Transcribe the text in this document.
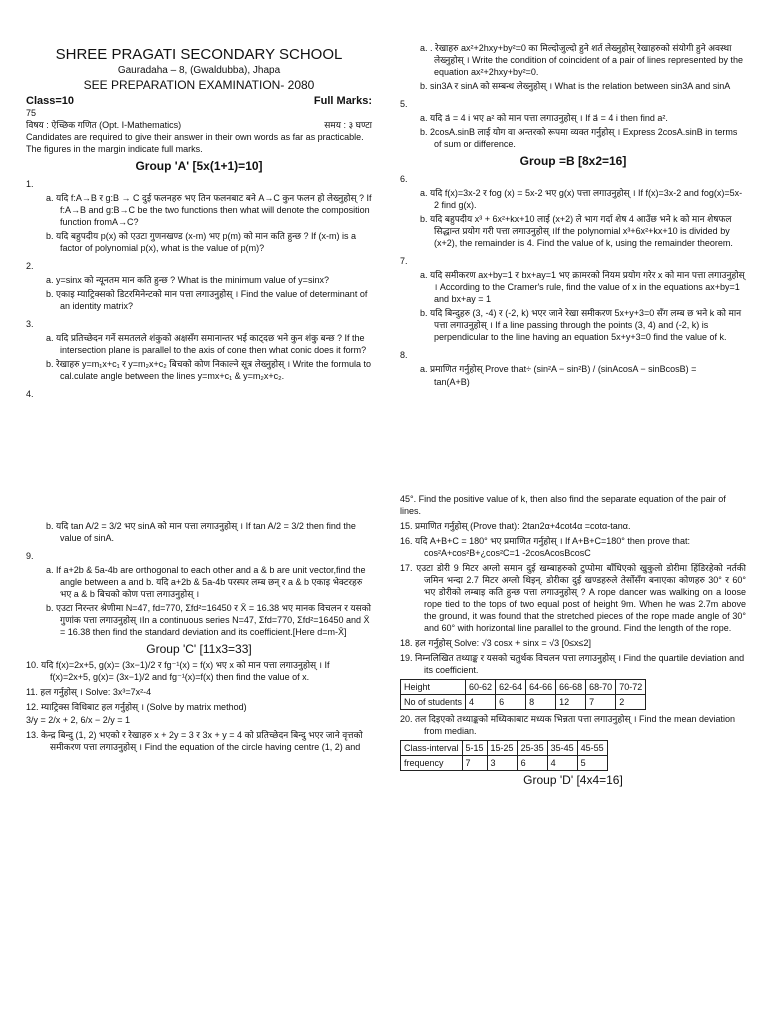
SHREE PRAGATI SECONDARY SCHOOL
Gauradaha – 8, (Gwaldubba), Jhapa
SEE PREPARATION EXAMINATION- 2080
Class=10	Full Marks:
75
विषय : ऐच्छिक गणित (Opt. I-Mathematics)	समय : ३ घण्टा
Candidates are required to give their answer in their own words as far as practicable. The figures in the margin indicate full marks.
Group 'A' [5x(1+1)=10]
1.
a. यदि f:A→B र g:B → C दुई फलनहरु भए तिन फलनबाट बने A→C कुन फलन हो लेख्नुहोस् ? If f:A→B and g:B→C be the two functions then what will denote the composition function fromA→C?
b. यदि बहुपदीय p(x) को एउटा गुणनखण्ड (x-m) भए p(m) को मान कति हुन्छ ? If (x-m) is a factor of polynomial p(x), what is the value of p(m)?
2.
a. y=sinx को न्यूनतम मान कति हुन्छ ? What is the minimum value of y=sinx?
b. एकाइ म्याट्रिक्सको डिटरमिनेन्टको मान पत्ता लगाउनुहोस् । Find the value of determinant of an identity matrix?
3.
a. यदि प्रतिच्छेदन गर्ने समतलले शंकुको अक्षसँग समानान्तर भई काट्दछ भने कुन शंकु बन्छ ? If the intersection plane is parallel to the axis of cone then what conic does it form?
b. रेखाहरु y=m₁x+c₁ र y=m₂x+c₂ बिचको कोण निकाल्ने सूत्र लेख्नुहोस् । Write the formula to cal.culate angle between the lines y=mx+c₁ & y=m₂x+c₂.
4.
b. यदि tan A/2 = 3/2 भए sinA को मान पत्ता लगाउनुहोस् । If tan A/2 = 3/2 then find the value of sinA.
9.
a. If a+2b & 5a-4b are orthogonal to each other and a & b are unit vector,find the angle between a and b. यदि a+2b & 5a-4b परस्पर लम्ब छन् र a & b एकाइ भेक्टरहरु भए a & b बिचको कोण पत्ता लगाउनुहोस् ।
b. एउटा निरन्तर श्रेणीमा N=47, fd=770, Σfd²=16450 र X̄ = 16.38 भए मानक विचलन र यसको गुणांक पत्ता लगाउनुहोस् ।In a continuous series N=47, Σfd=770, Σfd²=16450 and X̄ = 16.38 then find the standard deviation and its coefficient.[Here d=m-X̄]
Group 'C' [11x3=33]
10. यदि f(x)=2x+5, g(x)= (3x−1)/2 र fg⁻¹(x) = f(x) भए x को मान पत्ता लगाउनुहोस् । If f(x)=2x+5, g(x)= (3x−1)/2 and fg⁻¹(x)=f(x) then find the value of x.
11. हल गर्नुहोस् । Solve: 3x³=7x²-4
12. म्याट्रिक्स विधिबाट हल गर्नुहोस् । (Solve by matrix method)
3/y = 2/x + 2, 6/x − 2/y = 1
13. केन्द्र बिन्दु (1, 2) भएको र रेखाहरु x + 2y = 3 र 3x + y = 4 को प्रतिच्छेदन बिन्दु भएर जाने वृत्तको समीकरण पत्ता लगाउनुहोस् । Find the equation of the circle having centre (1, 2) and
a. . रेखाहरु ax²+2hxy+by²=0 का मिल्दोजुल्दो हुने शर्त लेख्नुहोस् रेखाहरुको संयोगी हुने अवस्था लेख्नुहोस् । Write the condition of coincident of a pair of lines represented by the equation ax²+2hxy+by²=0.
b. sin3A र sinA को सम्बन्ध लेख्नुहोस् । What is the relation between sin3A and sinA
5.
a. यदि a⃗ = 4 i भए a² को मान पत्ता लगाउनुहोस् । If a⃗ = 4 i then find a².
b. 2cosA.sinB लाई योग वा अन्तरको रूपमा व्यक्त गर्नुहोस् । Express 2cosA.sinB in terms of sum or difference.
Group =B [8x2=16]
6.
a. यदि f(x)=3x-2 र fog (x) = 5x-2 भए g(x) पत्ता लगाउनुहोस् । If f(x)=3x-2 and fog(x)=5x-2 find g(x).
b. यदि बहुपदीय x³ + 6x²+kx+10 लाई (x+2) ले भाग गर्दा शेष 4 आउँछ भने k को मान शेषफल सिद्धान्त प्रयोग गरी पत्ता लगाउनुहोस् ।If the polynomial x³+6x²+kx+10 is divided by (x+2), the remainder is 4. Find the value of k, using the remainder theorem.
7.
a. यदि समीकरण ax+by=1 र bx+ay=1 भए क्रामरको नियम प्रयोग गरेर x को मान पत्ता लगाउनुहोस् । According to the Cramer's rule, find the value of x in the equations ax+by=1 and bx+ay = 1
b. यदि बिन्दुहरु (3, -4) र (-2, k) भएर जाने रेखा समीकरण 5x+y+3=0 सँग लम्ब छ भने k को मान पत्ता लगाउनुहोस् । If a line passing through the points (3, 4) and (-2, k) is perpendicular to the line having an equation 5x+y+3=0 find the value of k.
8.
a. प्रमाणित गर्नुहोस् Prove that÷ (sin²A − sin²B) / (sinAcosA − sinBcosB) =
tan(A+B)
45°. Find the positive value of k, then also find the separate equation of the pair of lines.
15. प्रमाणित गर्नुहोस् (Prove that): 2tan2α+4cot4α =cotα-tanα.
16. यदि A+B+C = 180° भए प्रमाणित गर्नुहोस् । If A+B+C=180° then prove that: cos²A+cos²B+¿cos²C=1 -2cosAcosBcosC
17. एउटा डोरी 9 मिटर अग्लो समान दुई खम्बाहरुको टुप्पोमा बाँधिएको खुकुलो डोरीमा हिंडिरहेको नर्तकी जमिन भन्दा 2.7 मिटर अग्लो थिइन्. डोरीका दुई खण्डहरुले तेर्सोसँग बनाएका कोणहरु 30° र 60° भए डोरीको लम्बाइ कति हुन्छ पत्ता लगाउनुहोस् ? A rope dancer was walking on a loose rope tied to the tops of two equal post of height 9m. When he was 2.7m above the ground, it was found that the stretched pieces of the rope made angle of 30° and 60° with horizontal line parallel to the ground. Find the length of the rope.
18. हल गर्नुहोस् Solve: √3 cosx + sinx = √3 [0≤x≤2]
19. निम्नलिखित तथ्याङ्क र यसको चतुर्थक विचलन पत्ता लगाउनुहोस् । Find the quartile deviation and its coefficient.
Height	60-62	62-64	64-66	66-68	68-70	70-72
No of students	4	6	8	12	7	2
20. तल दिइएको तथ्याङ्कको मध्यिकाबाट मध्यक भिन्नता पत्ता लगाउनुहोस् । Find the mean deviation from median.
Class-interval	5-15	15-25	25-35	35-45	45-55
frequency	7	3	6	4	5
Group 'D' [4x4=16]
